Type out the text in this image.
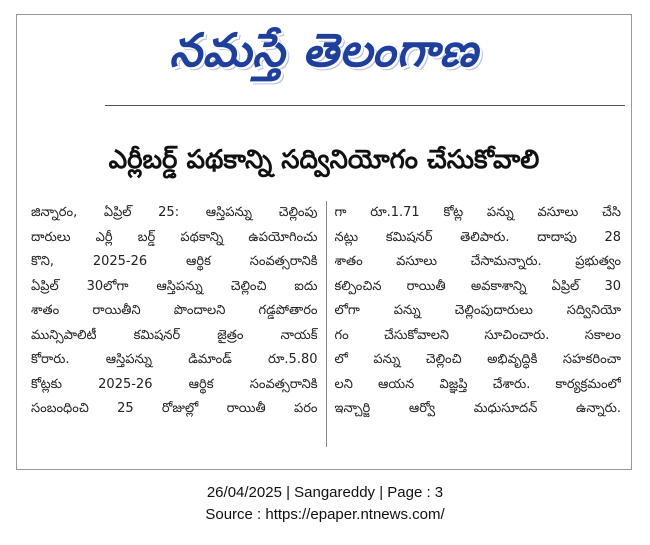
నమస్తే తెలంగాణ
ఎర్లీబర్డ్ పథకాన్ని సద్వినియోగం చేసుకోవాలి
జిన్నారం, ఏప్రిల్ 25: ఆస్తిపన్ను చెల్లింపు
దారులు ఎర్లీ బర్డ్ పథకాన్ని ఉపయోగించు
కొని, 2025-26 ఆర్థిక సంవత్సరానికి
ఏప్రిల్ 30లోగా ఆస్తిపన్ను చెల్లించి ఐదు
శాతం రాయితీని పొందాలని గడ్డపోతారం
మున్సిపాలిటీ కమిషనర్ జైత్రం నాయక్
కోరారు. ఆస్తిపన్ను డిమాండ్ రూ.5.80
కోట్లకు 2025-26 ఆర్థిక సంవత్సరానికి
సంబంధించి 25 రోజుల్లో రాయితీ పరం
గా రూ.1.71 కోట్ల పన్ను వసూలు చేసి
నట్లు కమిషనర్ తెలిపారు. దాదాపు 28
శాతం వసూలు చేసామన్నారు. ప్రభుత్వం
కల్పించిన రాయితీ అవకాశాన్ని ఏప్రిల్ 30
లోగా పన్ను చెల్లింపుదారులు సద్వినియో
గం చేసుకోవాలని సూచించారు. సకాలం
లో పన్ను చెల్లించి అభివృద్ధికి సహకరించా
లని ఆయన విజ్ఞప్తి చేశారు. కార్యక్రమంలో
ఇన్చార్జి ఆర్వో మధుసూదన్ ఉన్నారు.
26/04/2025 | Sangareddy | Page : 3
Source : https://epaper.ntnews.com/
